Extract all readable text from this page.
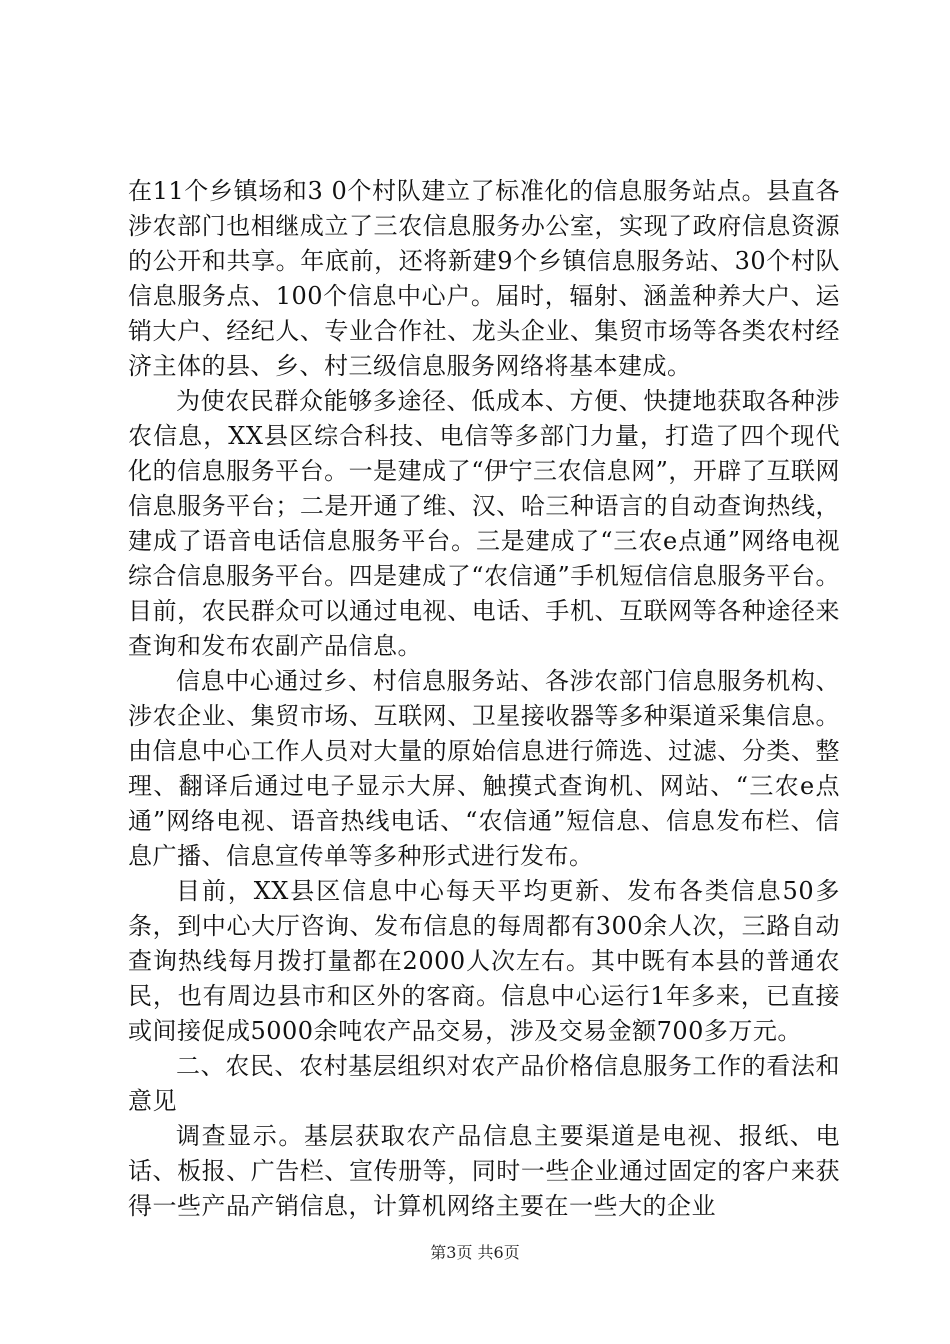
在11个乡镇场和3 0个村队建立了标准化的信息服务站点。县直各涉农部门也相继成立了三农信息服务办公室，实现了政府信息资源的公开和共享。年底前，还将新建9个乡镇信息服务站、30个村队信息服务点、100个信息中心户。届时，辐射、涵盖种养大户、运销大户、经纪人、专业合作社、龙头企业、集贸市场等各类农村经济主体的县、乡、村三级信息服务网络将基本建成。

为使农民群众能够多途径、低成本、方便、快捷地获取各种涉农信息，XX县区综合科技、电信等多部门力量，打造了四个现代化的信息服务平台。一是建成了“伊宁三农信息网”，开辟了互联网信息服务平台；二是开通了维、汉、哈三种语言的自动查询热线，建成了语音电话信息服务平台。三是建成了“三农e点通”网络电视综合信息服务平台。四是建成了“农信通”手机短信信息服务平台。目前，农民群众可以通过电视、电话、手机、互联网等各种途径来查询和发布农副产品信息。

信息中心通过乡、村信息服务站、各涉农部门信息服务机构、涉农企业、集贸市场、互联网、卫星接收器等多种渠道采集信息。由信息中心工作人员对大量的原始信息进行筛选、过滤、分类、整理、翻译后通过电子显示大屏、触摸式查询机、网站、“三农e点通”网络电视、语音热线电话、“农信通”短信息、信息发布栏、信息广播、信息宣传单等多种形式进行发布。

目前，XX县区信息中心每天平均更新、发布各类信息50多条，到中心大厅咨询、发布信息的每周都有300余人次，三路自动查询热线每月拨打量都在2000人次左右。其中既有本县的普通农民，也有周边县市和区外的客商。信息中心运行1年多来，已直接或间接促成5000余吨农产品交易，涉及交易金额700多万元。

二、农民、农村基层组织对农产品价格信息服务工作的看法和意见

调查显示。基层获取农产品信息主要渠道是电视、报纸、电话、板报、广告栏、宣传册等，同时一些企业通过固定的客户来获得一些产品产销信息，计算机网络主要在一些大的企业

第3页 共6页
